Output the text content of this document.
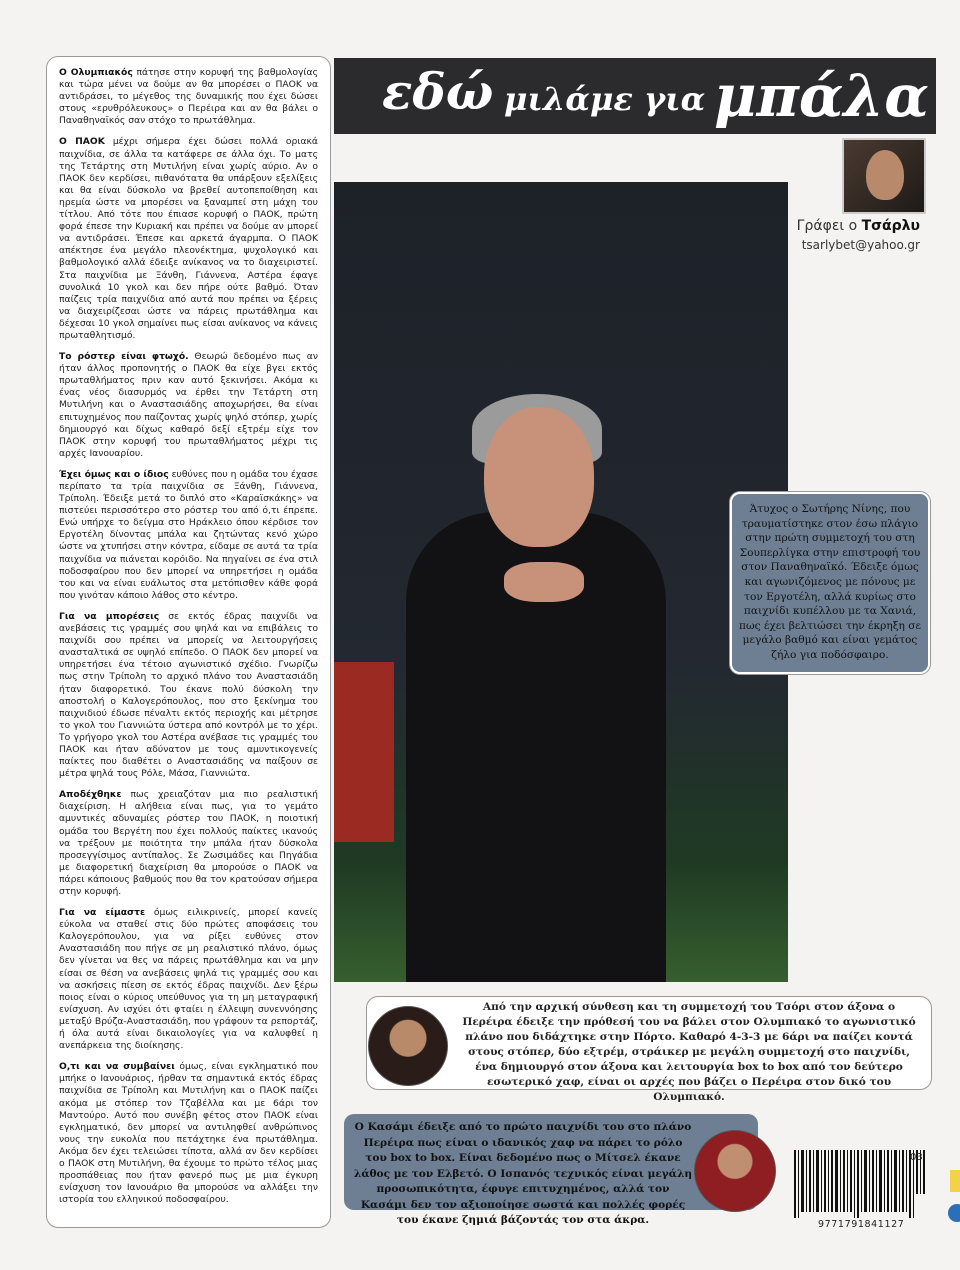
Ο Ολυμπιακός πάτησε στην κορυφή της βαθμολογίας και τώρα μένει να δούμε αν θα μπορέσει ο ΠΑΟΚ να αντιδράσει, το μέγεθος της δυναμικής που έχει δώσει στους «ερυθρόλευκους» ο Περέιρα και αν θα βάλει ο Παναθηναϊκός σαν στόχο το πρωτάθλημα.

Ο ΠΑΟΚ μέχρι σήμερα έχει δώσει πολλά οριακά παιχνίδια, σε άλλα τα κατάφερε σε άλλα όχι. Το ματς της Τετάρτης στη Μυτιλήνη είναι χωρίς αύριο. Αν ο ΠΑΟΚ δεν κερδίσει, πιθανότατα θα υπάρξουν εξελίξεις και θα είναι δύσκολο να βρεθεί αυτοπεποίθηση και ηρεμία ώστε να μπορέσει να ξαναμπεί στη μάχη του τίτλου. Από τότε που έπιασε κορυφή ο ΠΑΟΚ, πρώτη φορά έπεσε την Κυριακή και πρέπει να δούμε αν μπορεί να αντιδράσει. Έπεσε και αρκετά άγαρμπα. Ο ΠΑΟΚ απέκτησε ένα μεγάλο πλεονέκτημα, ψυχολογικό και βαθμολογικό αλλά έδειξε ανίκανος να το διαχειριστεί. Στα παιχνίδια με Ξάνθη, Γιάννενα, Αστέρα έφαγε συνολικά 10 γκολ και δεν πήρε ούτε βαθμό. Όταν παίζεις τρία παιχνίδια από αυτά που πρέπει να ξέρεις να διαχειρίζεσαι ώστε να πάρεις πρωτάθλημα και δέχεσαι 10 γκολ σημαίνει πως είσαι ανίκανος να κάνεις πρωταθλητισμό.

Το ρόστερ είναι φτωχό. Θεωρώ δεδομένο πως αν ήταν άλλος προπονητής ο ΠΑΟΚ θα είχε βγει εκτός πρωταθλήματος πριν καν αυτό ξεκινήσει. Ακόμα κι ένας νέος διασυρμός να έρθει την Τετάρτη στη Μυτιλήνη και ο Αναστασιάδης αποχωρήσει, θα είναι επιτυχημένος που παίζοντας χωρίς ψηλό στόπερ, χωρίς δημιουργό και δίχως καθαρό δεξί εξτρέμ είχε τον ΠΑΟΚ στην κορυφή του πρωταθλήματος μέχρι τις αρχές Ιανουαρίου.

Έχει όμως και ο ίδιος ευθύνες που η ομάδα του έχασε περίπατο τα τρία παιχνίδια σε Ξάνθη, Γιάννενα, Τρίπολη. Έδειξε μετά το διπλό στο «Καραϊσκάκης» να πιστεύει περισσότερο στο ρόστερ του από ό,τι έπρεπε. Ενώ υπήρχε το δείγμα στο Ηράκλειο όπου κέρδισε τον Εργοτέλη δίνοντας μπάλα και ζητώντας κενό χώρο ώστε να χτυπήσει στην κόντρα, είδαμε σε αυτά τα τρία παιχνίδια να πιάνεται κορόιδο. Να πηγαίνει σε ένα στιλ ποδοσφαίρου που δεν μπορεί να υπηρετήσει η ομάδα του και να είναι ευάλωτος στα μετόπισθεν κάθε φορά που γινόταν κάποιο λάθος στο κέντρο.

Για να μπορέσεις σε εκτός έδρας παιχνίδι να ανεβάσεις τις γραμμές σου ψηλά και να επιβάλεις το παιχνίδι σου πρέπει να μπορείς να λειτουργήσεις ανασταλτικά σε υψηλό επίπεδο. Ο ΠΑΟΚ δεν μπορεί να υπηρετήσει ένα τέτοιο αγωνιστικό σχέδιο. Γνωρίζω πως στην Τρίπολη το αρχικό πλάνο του Αναστασιάδη ήταν διαφορετικό. Του έκανε πολύ δύσκολη την αποστολή ο Καλογερόπουλος, που στο ξεκίνημα του παιχνιδιού έδωσε πέναλτι εκτός περιοχής και μέτρησε το γκολ του Γιαννιώτα ύστερα από κοντρόλ με το χέρι. Το γρήγορο γκολ του Αστέρα ανέβασε τις γραμμές του ΠΑΟΚ και ήταν αδύνατον με τους αμυντικογενείς παίκτες που διαθέτει ο Αναστασιάδης να παίξουν σε μέτρα ψηλά τους Ρόλε, Μάσα, Γιαννιώτα.

Αποδέχθηκε πως χρειαζόταν μια πιο ρεαλιστική διαχείριση. Η αλήθεια είναι πως, για το γεμάτο αμυντικές αδυναμίες ρόστερ του ΠΑΟΚ, η ποιοτική ομάδα του Βεργέτη που έχει πολλούς παίκτες ικανούς να τρέξουν με ποιότητα την μπάλα ήταν δύσκολα προσεγγίσιμος αντίπαλος. Σε Ζωσιμάδες και Πηγάδια με διαφορετική διαχείριση θα μπορούσε ο ΠΑΟΚ να πάρει κάποιους βαθμούς που θα τον κρατούσαν σήμερα στην κορυφή.

Για να είμαστε όμως ειλικρινείς, μπορεί κανείς εύκολα να σταθεί στις δύο πρώτες αποφάσεις του Καλογερόπουλου, για να ρίξει ευθύνες στον Αναστασιάδη που πήγε σε μη ρεαλιστικό πλάνο, όμως δεν γίνεται να θες να πάρεις πρωτάθλημα και να μην είσαι σε θέση να ανεβάσεις ψηλά τις γραμμές σου και να ασκήσεις πίεση σε εκτός έδρας παιχνίδι. Δεν ξέρω ποιος είναι ο κύριος υπεύθυνος για τη μη μεταγραφική ενίσχυση. Αν ισχύει ότι φταίει η έλλειψη συνεννόησης μεταξύ Βρύζα-Αναστασιάδη, που γράφουν τα ρεπορτάζ, ή όλα αυτά είναι δικαιολογίες για να καλυφθεί η ανεπάρκεια της διοίκησης.

Ο,τι και να συμβαίνει όμως, είναι εγκληματικό που μπήκε ο Ιανουάριος, ήρθαν τα σημαντικά εκτός έδρας παιχνίδια σε Τρίπολη και Μυτιλήνη και ο ΠΑΟΚ παίζει ακόμα με στόπερ τον Τζαβέλλα και με 6άρι τον Μαντούρο. Αυτό που συνέβη φέτος στον ΠΑΟΚ είναι εγκληματικό, δεν μπορεί να αντιληφθεί ανθρώπινος νους την ευκολία που πετάχτηκε ένα πρωτάθλημα. Ακόμα δεν έχει τελειώσει τίποτα, αλλά αν δεν κερδίσει ο ΠΑΟΚ στη Μυτιλήνη, θα έχουμε το πρώτο τέλος μιας προσπάθειας που ήταν φανερό πως με μια έγκυρη ενίσχυση τον Ιανουάριο θα μπορούσε να αλλάξει την ιστορία του ελληνικού ποδοσφαίρου.

εδώ μιλάμε για μπάλα
Γράφει ο Τσάρλυ
tsarlybet@yahoo.gr
Άτυχος ο Σωτήρης Νίνης, που τραυματίστηκε στον έσω πλάγιο στην πρώτη συμμετοχή του στη Σουπερλίγκα στην επιστροφή του στον Παναθηναϊκό. Έδειξε όμως και αγωνιζόμενος με πόνους με τον Εργοτέλη, αλλά κυρίως στο παιχνίδι κυπέλλου με τα Χανιά, πως έχει βελτιώσει την έκρηξη σε μεγάλο βαθμό και είναι γεμάτος ζήλο για ποδόσφαιρο.
Από την αρχική σύνθεση και τη συμμετοχή του Τσόρι στον άξονα ο Περέιρα έδειξε την πρόθεσή του να βάλει στον Ολυμπιακό το αγωνιστικό πλάνο που διδάχτηκε στην Πόρτο. Καθαρό 4-3-3 με 6άρι να παίζει κοντά στους στόπερ, δύο εξτρέμ, στράικερ με μεγάλη συμμετοχή στο παιχνίδι, ένα δημιουργό στον άξονα και λειτουργία box to box από τον δεύτερο εσωτερικό χαφ, είναι οι αρχές που βάζει ο Περέιρα στον δικό του Ολυμπιακό.
Ο Κασάμι έδειξε από το πρώτο παιχνίδι του στο πλάνο Περέιρα πως είναι ο ιδανικός χαφ να πάρει το ρόλο του box to box. Είναι δεδομένο πως ο Μίτσελ έκανε λάθος με τον Ελβετό. Ο Ισπανός τεχνικός είναι μεγάλη προσωπικότητα, έφυγε επιτυχημένος, αλλά τον Κασάμι δεν τον αξιοποίησε σωστά και πολλές φορές του έκανε ζημιά βάζοντάς τον στα άκρα.	9771791841127
03
